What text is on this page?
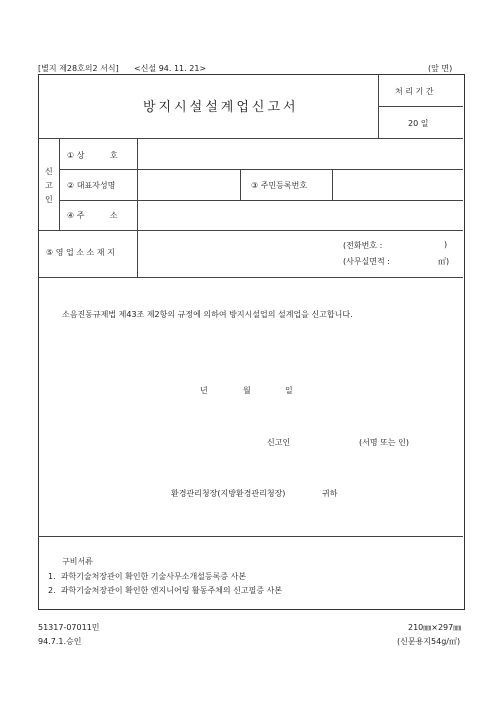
[별지 제28호의2 서식] <신설 94. 11. 21>	(앞 면)
방지시설설계업신고서
처 리 기 간
20 일
신
고
인
① 상          호
② 대표자성명	③ 주민등록번호
④ 주          소
⑤ 영 업 소 소 재 지
(전화번호 :	)
(사무실면적 :	㎡)
소음진동규제법 제43조 제2항의 규정에 의하여 방지시설업의 설계업을 신고합니다.
년	월	일
신고인	(서명 또는 인)
환경관리청장(지방환경관리청장)	귀하
구비서류
1.  과학기술처장관이 확인한 기술사무소개설등록증 사본
2.  과학기술처장관이 확인한 엔지니어링 활동주체의 신고필증 사본
51317-07011민
94.7.1.승인
210㎜×297㎜
(신문용지54g/㎡)
